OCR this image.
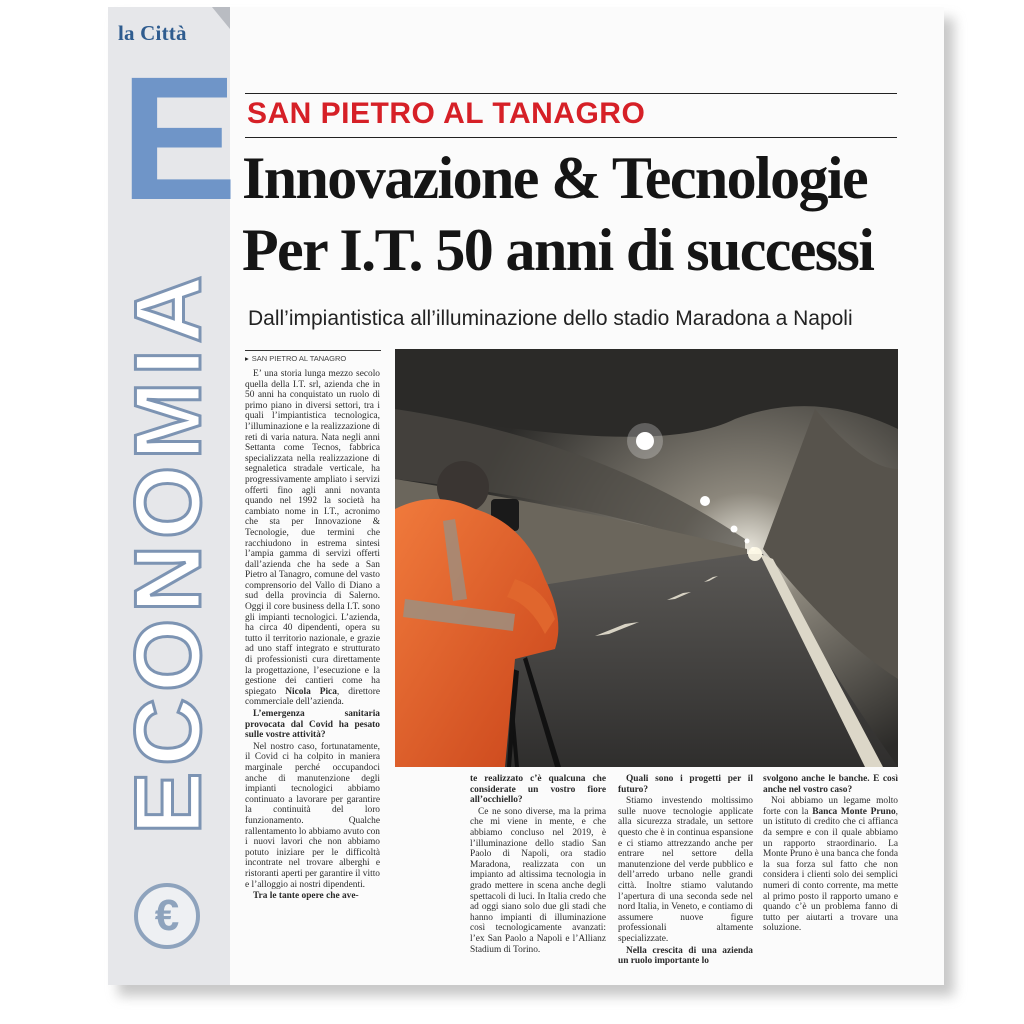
la Città
E
ECONOMIA
€
SAN PIETRO AL TANAGRO
Innovazione & Tecnologie
Per I.T. 50 anni di successi
Dall’impiantistica all’illuminazione dello stadio Maradona a Napoli
▸ SAN PIETRO AL TANAGRO

E’ una storia lunga mezzo secolo quella della I.T. srl, azienda che in 50 anni ha conquistato un ruolo di primo piano in diversi settori, tra i quali l’impiantistica tecnologica, l’illuminazione e la realizzazione di reti di varia natura. Nata negli anni Settanta come Tecnos, fabbrica specializzata nella realizzazione di segnaletica stradale verticale, ha progressivamente ampliato i servizi offerti fino agli anni novanta quando nel 1992 la società ha cambiato nome in I.T., acronimo che sta per Innovazione & Tecnologie, due termini che racchiudono in estrema sintesi l’ampia gamma di servizi offerti dall’azienda che ha sede a San Pietro al Tanagro, comune del vasto comprensorio del Vallo di Diano a sud della provincia di Salerno. Oggi il core business della I.T. sono gli impianti tecnologici. L’azienda, ha circa 40 dipendenti, opera su tutto il territorio nazionale, e grazie ad uno staff integrato e strutturato di professionisti cura direttamente la progettazione, l’esecuzione e la gestione dei cantieri come ha spiegato Nicola Pica, direttore commerciale dell’azienda.

L’emergenza sanitaria provocata dal Covid ha pesato sulle vostre attività?

Nel nostro caso, fortunatamente, il Covid ci ha colpito in maniera marginale perché occupandoci anche di manutenzione degli impianti tecnologici abbiamo continuato a lavorare per garantire la continuità del loro funzionamento. Qualche rallentamento lo abbiamo avuto con i nuovi lavori che non abbiamo potuto iniziare per le difficoltà incontrate nel trovare alberghi e ristoranti aperti per garantire il vitto e l’alloggio ai nostri dipendenti.

Tra le tante opere che ave-

te realizzato c’è qualcuna che considerate un vostro fiore all’occhiello?

Ce ne sono diverse, ma la prima che mi viene in mente, e che abbiamo concluso nel 2019, è l’illuminazione dello stadio San Paolo di Napoli, ora stadio Maradona, realizzata con un impianto ad altissima tecnologia in grado mettere in scena anche degli spettacoli di luci. In Italia credo che ad oggi siano solo due gli stadi che hanno impianti di illuminazione così tecnologicamente avanzati: l’ex San Paolo a Napoli e l’Allianz Stadium di Torino.

Quali sono i progetti per il futuro?

Stiamo investendo moltissimo sulle nuove tecnologie applicate alla sicurezza stradale, un settore questo che è in continua espansione e ci stiamo attrezzando anche per entrare nel settore della manutenzione del verde pubblico e dell’arredo urbano nelle grandi città. Inoltre stiamo valutando l’apertura di una seconda sede nel nord Italia, in Veneto, e contiamo di assumere nuove figure professionali altamente specializzate.

Nella crescita di una azienda un ruolo importante lo

svolgono anche le banche. È così anche nel vostro caso?

Noi abbiamo un legame molto forte con la Banca Monte Pruno, un istituto di credito che ci affianca da sempre e con il quale abbiamo un rapporto straordinario. La Monte Pruno è una banca che fonda la sua forza sul fatto che non considera i clienti solo dei semplici numeri di conto corrente, ma mette al primo posto il rapporto umano e quando c’è un problema fanno di tutto per aiutarti a trovare una soluzione.
